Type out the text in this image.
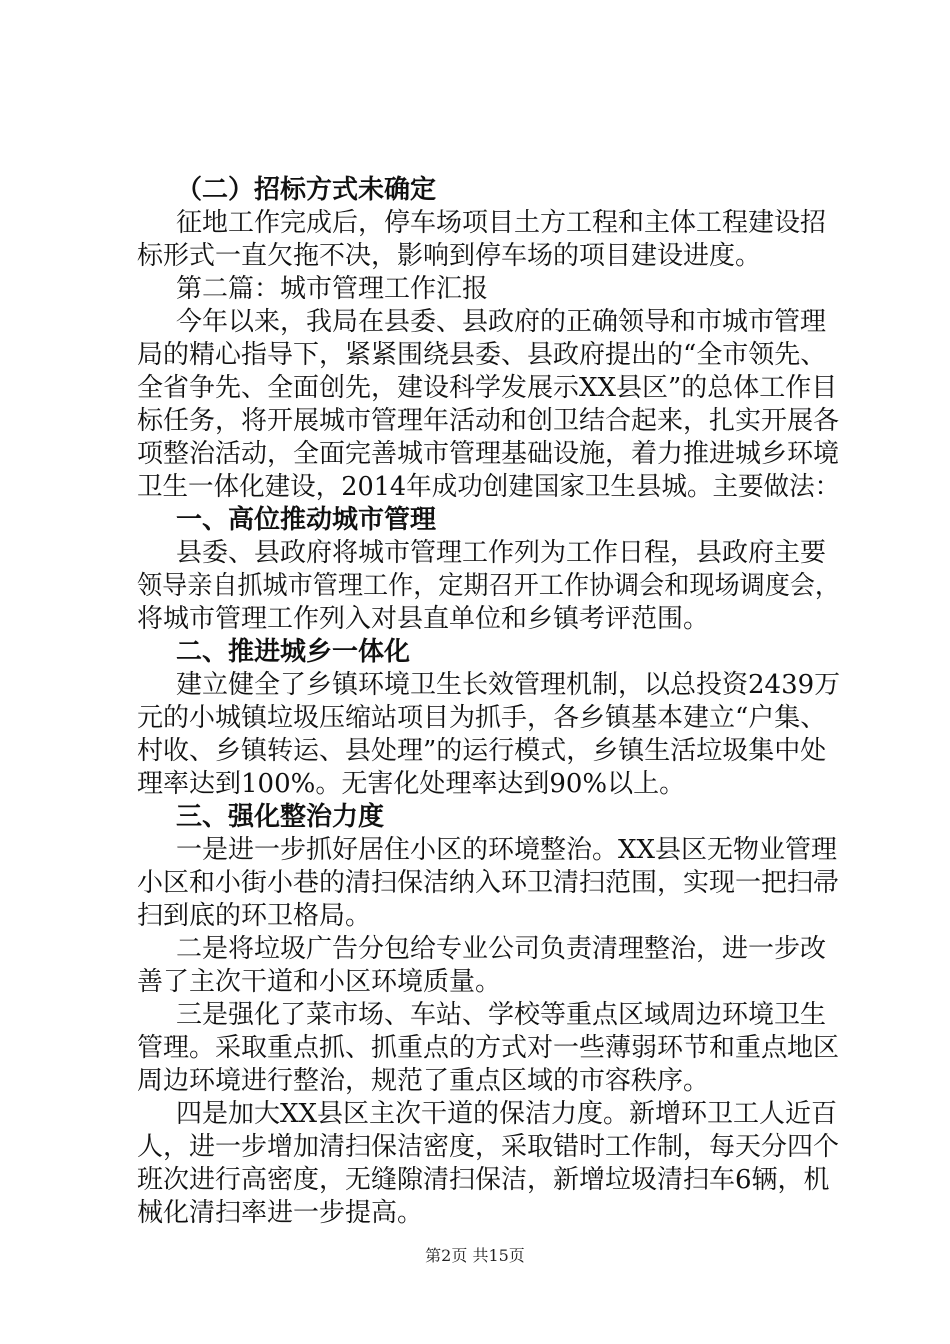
（二）招标方式未确定
征地工作完成后，停车场项目土方工程和主体工程建设招
标形式一直欠拖不决，影响到停车场的项目建设进度。
第二篇：城市管理工作汇报
今年以来，我局在县委、县政府的正确领导和市城市管理
局的精心指导下，紧紧围绕县委、县政府提出的“全市领先、
全省争先、全面创先，建设科学发展示XX县区”的总体工作目
标任务，将开展城市管理年活动和创卫结合起来，扎实开展各
项整治活动，全面完善城市管理基础设施，着力推进城乡环境
卫生一体化建设，2014年成功创建国家卫生县城。主要做法：
一、高位推动城市管理
县委、县政府将城市管理工作列为工作日程，县政府主要
领导亲自抓城市管理工作，定期召开工作协调会和现场调度会，
将城市管理工作列入对县直单位和乡镇考评范围。
二、推进城乡一体化
建立健全了乡镇环境卫生长效管理机制，以总投资2439万
元的小城镇垃圾压缩站项目为抓手，各乡镇基本建立“户集、
村收、乡镇转运、县处理”的运行模式，乡镇生活垃圾集中处
理率达到100%。无害化处理率达到90%以上。
三、强化整治力度
一是进一步抓好居住小区的环境整治。XX县区无物业管理
小区和小街小巷的清扫保洁纳入环卫清扫范围，实现一把扫帚
扫到底的环卫格局。
二是将垃圾广告分包给专业公司负责清理整治，进一步改
善了主次干道和小区环境质量。
三是强化了菜市场、车站、学校等重点区域周边环境卫生
管理。采取重点抓、抓重点的方式对一些薄弱环节和重点地区
周边环境进行整治，规范了重点区域的市容秩序。
四是加大XX县区主次干道的保洁力度。新增环卫工人近百
人，进一步增加清扫保洁密度，采取错时工作制，每天分四个
班次进行高密度，无缝隙清扫保洁，新增垃圾清扫车6辆，机
械化清扫率进一步提高。
第2页 共15页
